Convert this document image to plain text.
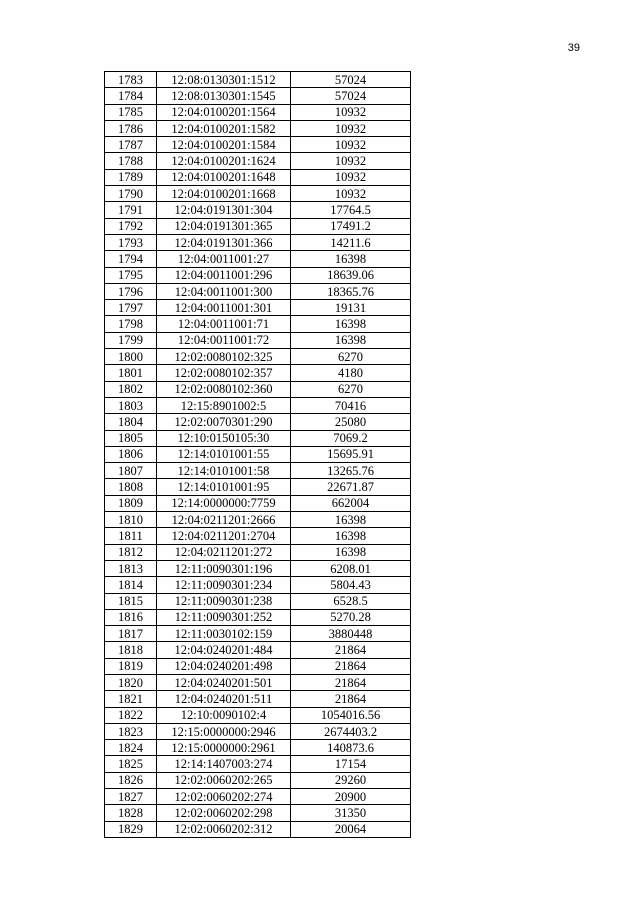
39
1783	12:08:0130301:1512	57024
1784	12:08:0130301:1545	57024
1785	12:04:0100201:1564	10932
1786	12:04:0100201:1582	10932
1787	12:04:0100201:1584	10932
1788	12:04:0100201:1624	10932
1789	12:04:0100201:1648	10932
1790	12:04:0100201:1668	10932
1791	12:04:0191301:304	17764.5
1792	12:04:0191301:365	17491.2
1793	12:04:0191301:366	14211.6
1794	12:04:0011001:27	16398
1795	12:04:0011001:296	18639.06
1796	12:04:0011001:300	18365.76
1797	12:04:0011001:301	19131
1798	12:04:0011001:71	16398
1799	12:04:0011001:72	16398
1800	12:02:0080102:325	6270
1801	12:02:0080102:357	4180
1802	12:02:0080102:360	6270
1803	12:15:8901002:5	70416
1804	12:02:0070301:290	25080
1805	12:10:0150105:30	7069.2
1806	12:14:0101001:55	15695.91
1807	12:14:0101001:58	13265.76
1808	12:14:0101001:95	22671.87
1809	12:14:0000000:7759	662004
1810	12:04:0211201:2666	16398
1811	12:04:0211201:2704	16398
1812	12:04:0211201:272	16398
1813	12:11:0090301:196	6208.01
1814	12:11:0090301:234	5804.43
1815	12:11:0090301:238	6528.5
1816	12:11:0090301:252	5270.28
1817	12:11:0030102:159	3880448
1818	12:04:0240201:484	21864
1819	12:04:0240201:498	21864
1820	12:04:0240201:501	21864
1821	12:04:0240201:511	21864
1822	12:10:0090102:4	1054016.56
1823	12:15:0000000:2946	2674403.2
1824	12:15:0000000:2961	140873.6
1825	12:14:1407003:274	17154
1826	12:02:0060202:265	29260
1827	12:02:0060202:274	20900
1828	12:02:0060202:298	31350
1829	12:02:0060202:312	20064
